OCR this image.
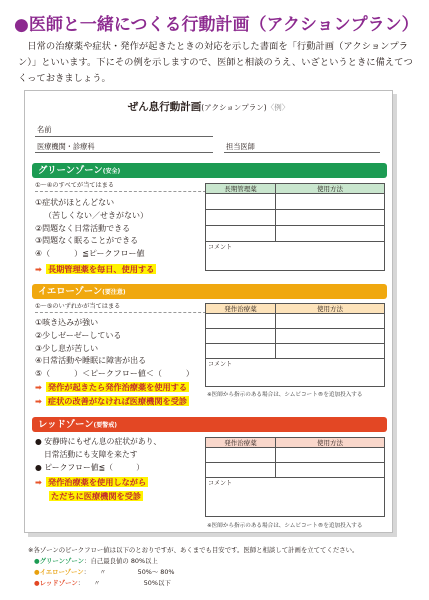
●医師と一緒につくる行動計画（アクションプラン）
日常の治療薬や症状・発作が起きたときの対応を示した書面を「行動計画（アクションプラン）」といいます。下にその例を示しますので、医師と相談のうえ、いざというときに備えてつくっておきましょう。
ぜん息行動計画(アクションプラン)〈例〉
名前
医療機関・診療科	担当医師
グリーンゾーン(安全)
①〜④のすべてが当てはまる
①症状がほとんどない
（苦しくない／せきがない）
②問題なく日常活動できる
③問題なく眠ることができる
④（　　　）≦ピークフロー値
➡ 長期管理薬を毎日、使用する
長期管理薬	使用方法

コメント	
イエローゾーン(要注意)
①〜⑤のいずれかが当てはまる
①咳き込みが強い
②少しゼーゼーしている
③少し息が苦しい
④日常活動や睡眠に障害が出る
⑤（　　　）＜ピークフロー値＜（　　　）
➡ 発作が起きたら発作治療薬を使用する
➡ 症状の改善がなければ医療機関を受診
発作治療薬	使用方法

コメント	
※医師から指示のある場合は、シムビコート®を追加投入する
レッドゾーン(要警戒)
● 安静時にもぜん息の症状があり、
日常活動にも支障を来たす
● ピークフロー値≦（　　　）
➡ 発作治療薬を使用しながら
ただちに医療機関を受診
発作治療薬	使用方法

コメント	
※医師から指示のある場合は、シムビコート®を追加投入する
※各ゾーンのピークフロー値は以下のとおりですが、あくまでも目安です。医師と相談して計画を立ててください。
●グリーンゾーン：自己最良値の 80%以上
●イエローゾーン：　　〃	50%〜 80%
●レッドゾーン：　　〃	50%以下
